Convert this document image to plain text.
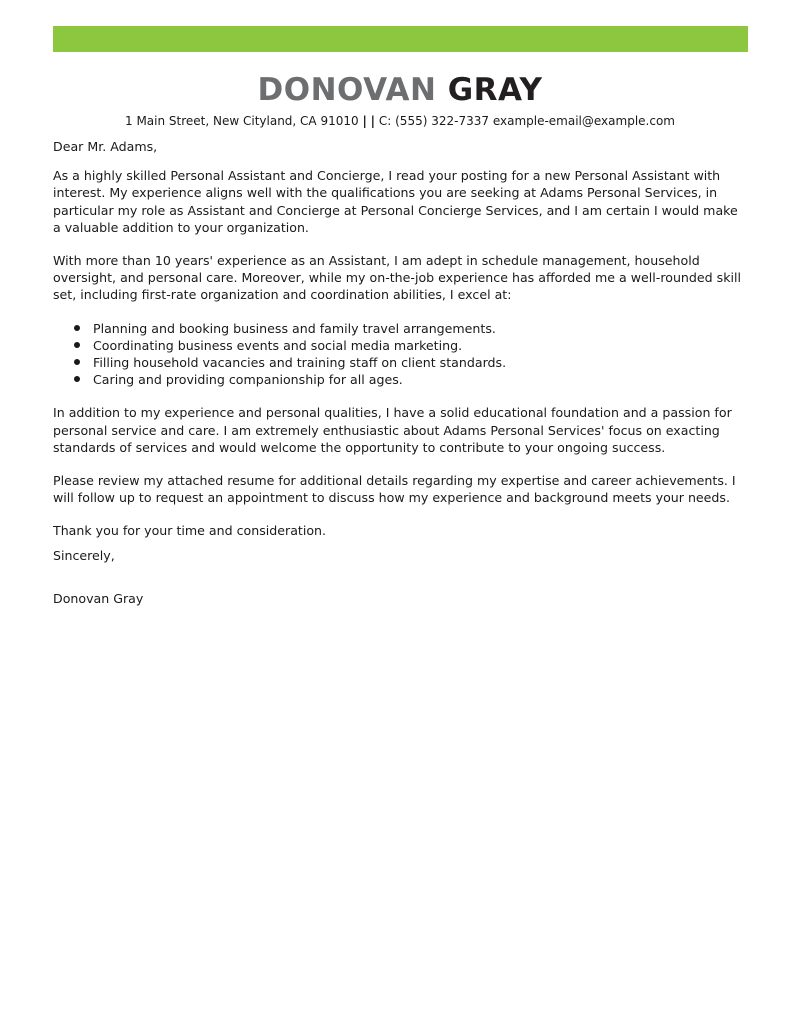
DONOVAN GRAY
1 Main Street, New Cityland, CA 91010 | | C: (555) 322-7337 example-email@example.com

Dear Mr. Adams,

As a highly skilled Personal Assistant and Concierge, I read your posting for a new Personal Assistant with interest. My experience aligns well with the qualifications you are seeking at Adams Personal Services, in particular my role as Assistant and Concierge at Personal Concierge Services, and I am certain I would make a valuable addition to your organization.

With more than 10 years' experience as an Assistant, I am adept in schedule management, household oversight, and personal care. Moreover, while my on-the-job experience has afforded me a well-rounded skill set, including first-rate organization and coordination abilities, I excel at:

Planning and booking business and family travel arrangements.
Coordinating business events and social media marketing.
Filling household vacancies and training staff on client standards.
Caring and providing companionship for all ages.

In addition to my experience and personal qualities, I have a solid educational foundation and a passion for personal service and care. I am extremely enthusiastic about Adams Personal Services' focus on exacting standards of services and would welcome the opportunity to contribute to your ongoing success.

Please review my attached resume for additional details regarding my expertise and career achievements. I will follow up to request an appointment to discuss how my experience and background meets your needs.

Thank you for your time and consideration.

Sincerely,

Donovan Gray
